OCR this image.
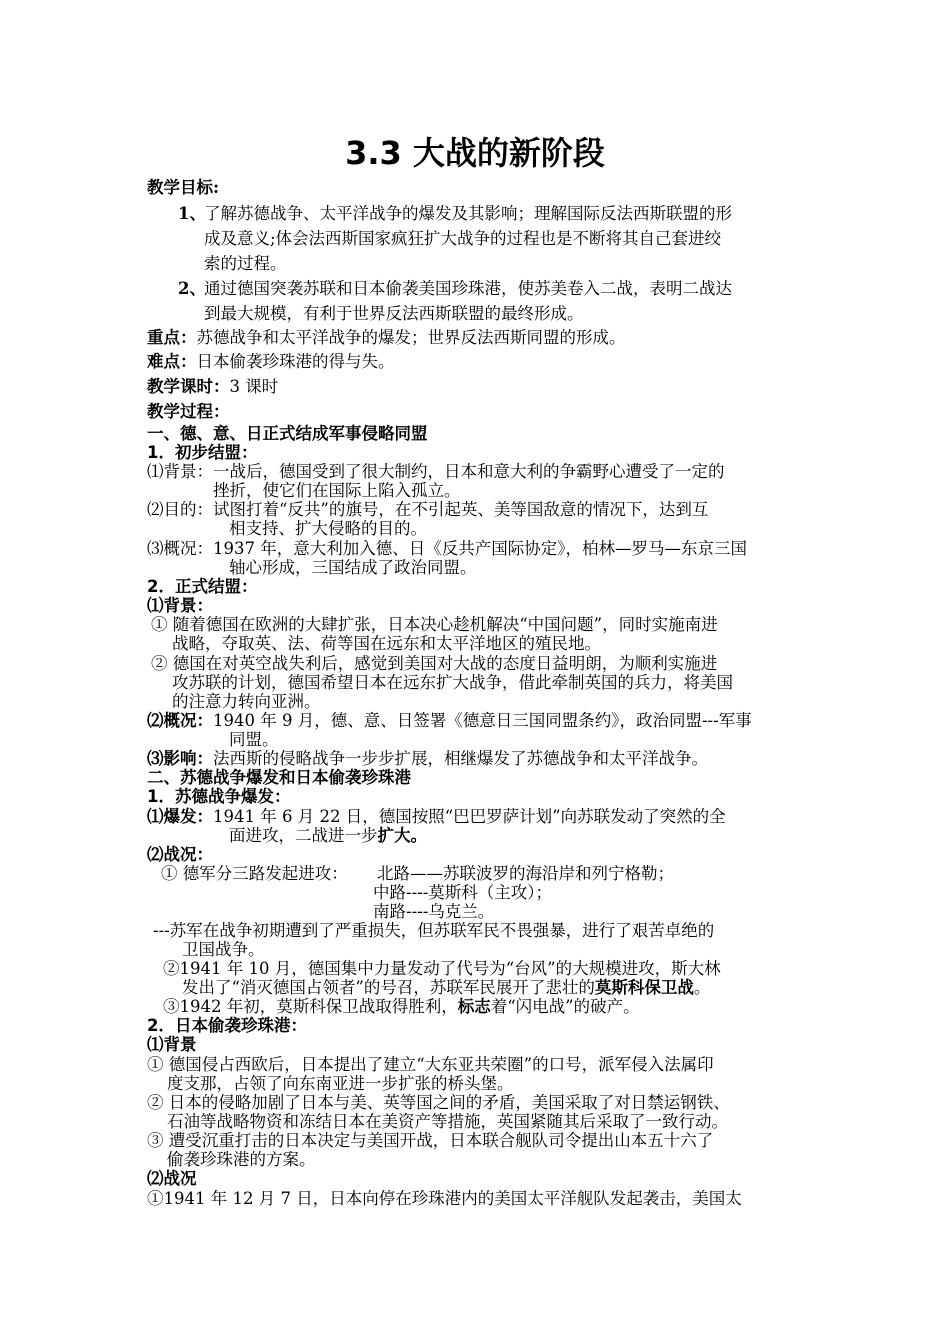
3.3 大战的新阶段
教学目标:
1、
了解苏德战争、太平洋战争的爆发及其影响；理解国际反法西斯联盟的形
成及意义;体会法西斯国家疯狂扩大战争的过程也是不断将其自己套进绞
索的过程。
2、
通过德国突袭苏联和日本偷袭美国珍珠港，使苏美卷入二战，表明二战达
到最大规模，有利于世界反法西斯联盟的最终形成。
重点：苏德战争和太平洋战争的爆发；世界反法西斯同盟的形成。
难点：日本偷袭珍珠港的得与失。
教学课时：3 课时
教学过程：
一、德、意、日正式结成军事侵略同盟
1．初步结盟：
⑴背景：一战后，德国受到了很大制约，日本和意大利的争霸野心遭受了一定的
挫折，使它们在国际上陷入孤立。
⑵目的：试图打着“反共”的旗号，在不引起英、美等国敌意的情况下，达到互
相支持、扩大侵略的目的。
⑶概况：1937 年，意大利加入德、日《反共产国际协定》，柏林—罗马—东京三国
轴心形成，三国结成了政治同盟。
2．正式结盟：
⑴背景：
① 随着德国在欧洲的大肆扩张，日本决心趁机解决“中国问题”，同时实施南进
战略，夺取英、法、荷等国在远东和太平洋地区的殖民地。
② 德国在对英空战失利后，感觉到美国对大战的态度日益明朗，为顺利实施进
攻苏联的计划，德国希望日本在远东扩大战争，借此牵制英国的兵力，将美国
的注意力转向亚洲。
⑵概况：1940 年 9 月，德、意、日签署《德意日三国同盟条约》，政治同盟---军事
同盟。
⑶影响：法西斯的侵略战争一步步扩展，相继爆发了苏德战争和太平洋战争。
二、苏德战争爆发和日本偷袭珍珠港
1．苏德战争爆发：
⑴爆发：1941 年 6 月 22 日，德国按照“巴巴罗萨计划”向苏联发动了突然的全
面进攻，二战进一步扩大。
⑵战况：
① 德军分三路发起进攻： 北路——苏联波罗的海沿岸和列宁格勒；
中路----莫斯科（主攻）；
南路----乌克兰。
---苏军在战争初期遭到了严重损失，但苏联军民不畏强暴，进行了艰苦卓绝的
卫国战争。
②1941 年 10 月，德国集中力量发动了代号为“台风”的大规模进攻，斯大林
发出了“消灭德国占领者”的号召，苏联军民展开了悲壮的莫斯科保卫战。
③1942 年初，莫斯科保卫战取得胜利，标志着“闪电战”的破产。
2．日本偷袭珍珠港：
⑴背景
① 德国侵占西欧后，日本提出了建立“大东亚共荣圈”的口号，派军侵入法属印
度支那，占领了向东南亚进一步扩张的桥头堡。
② 日本的侵略加剧了日本与美、英等国之间的矛盾，美国采取了对日禁运钢铁、
石油等战略物资和冻结日本在美资产等措施，英国紧随其后采取了一致行动。
③ 遭受沉重打击的日本决定与美国开战，日本联合舰队司令提出山本五十六了
偷袭珍珠港的方案。
⑵战况
①1941 年 12 月 7 日，日本向停在珍珠港内的美国太平洋舰队发起袭击，美国太
